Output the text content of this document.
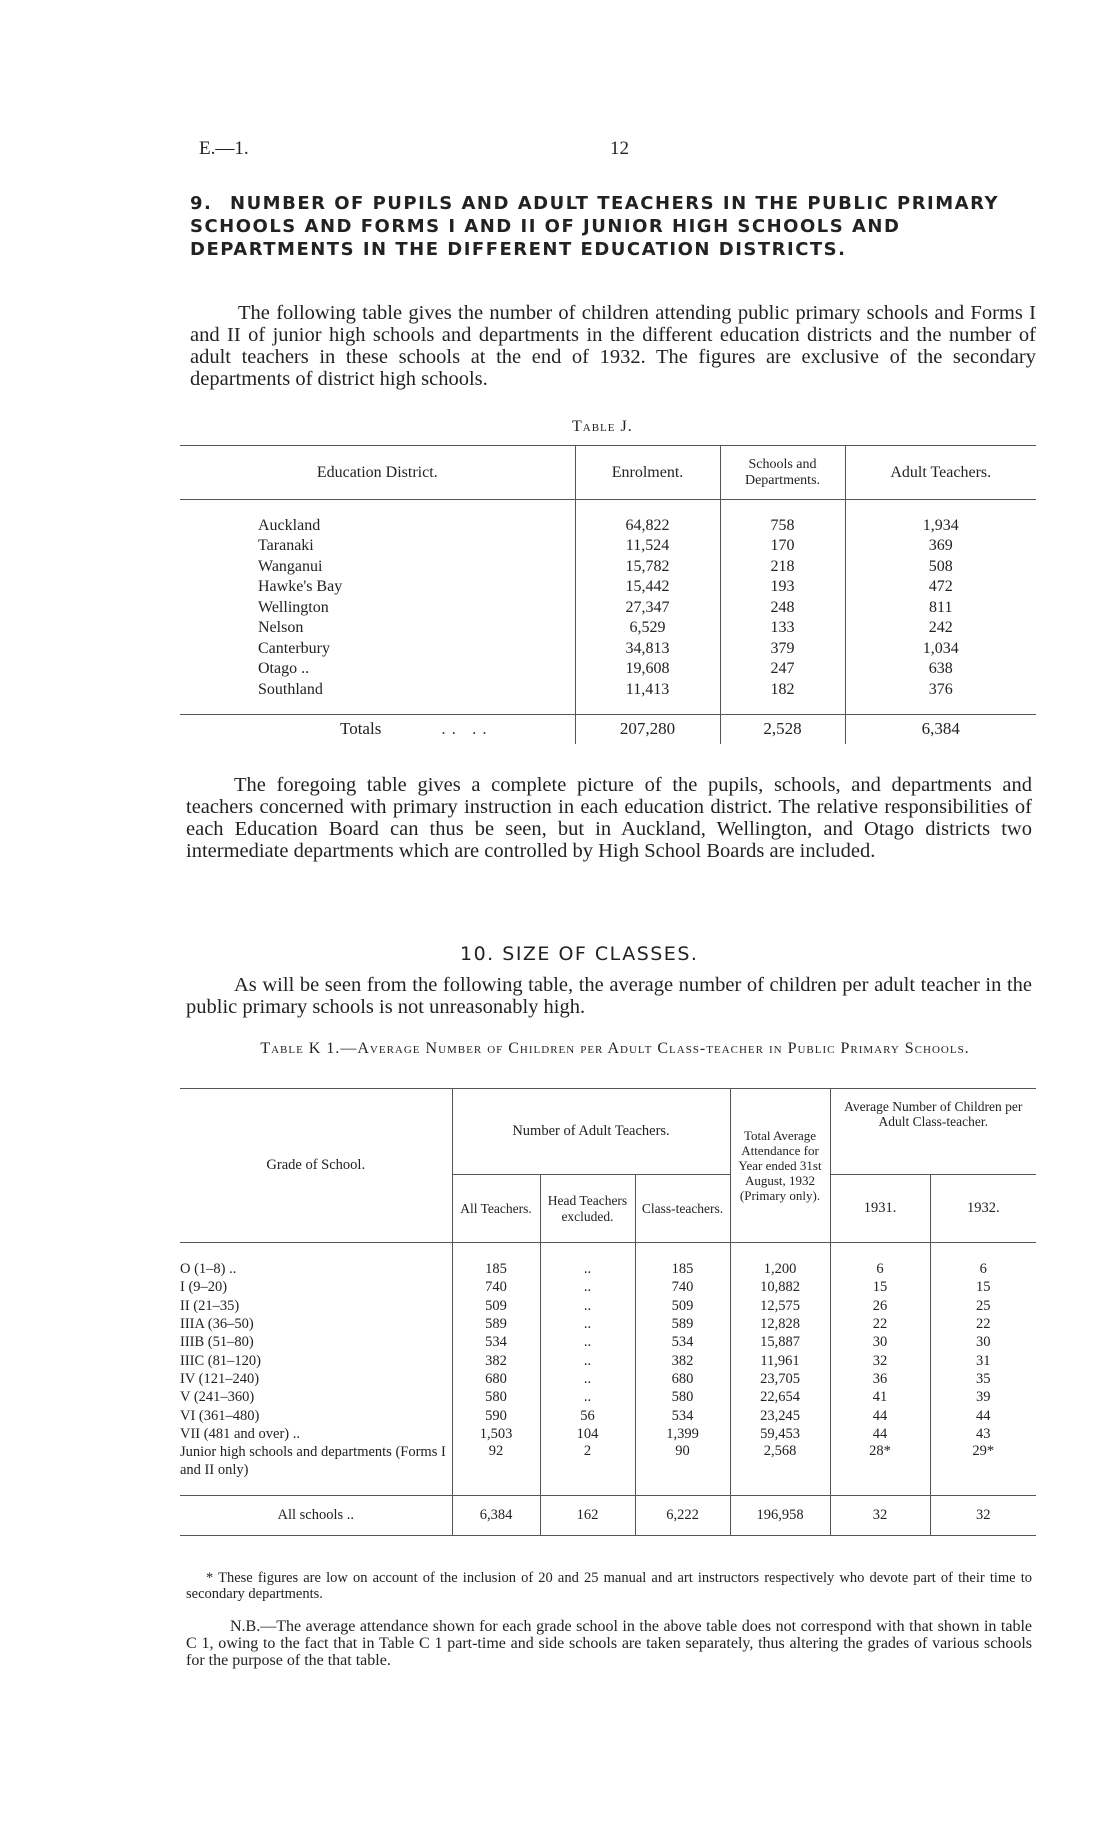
E.—1.	12
9. NUMBER OF PUPILS AND ADULT TEACHERS IN THE PUBLIC PRIMARY SCHOOLS AND FORMS I AND II OF JUNIOR HIGH SCHOOLS AND DEPARTMENTS IN THE DIFFERENT EDUCATION DISTRICTS.
The following table gives the number of children attending public primary schools and Forms I and II of junior high schools and departments in the different education districts and the number of adult teachers in these schools at the end of 1932. The figures are exclusive of the secondary departments of district high schools.
Table J.
Education District.	Enrolment.	Schools and Departments.	Adult Teachers.

Auckland	64,822	758	1,934
Taranaki	11,524	170	369
Wanganui	15,782	218	508
Hawke's Bay	15,442	193	472
Wellington	27,347	248	811
Nelson	6,529	133	242
Canterbury	34,813	379	1,034
Otago ..	19,608	247	638
Southland	11,413	182	376

Totals .. ..	207,280	2,528	6,384
The foregoing table gives a complete picture of the pupils, schools, and departments and teachers concerned with primary instruction in each education district. The relative responsibilities of each Education Board can thus be seen, but in Auckland, Wellington, and Otago districts two intermediate departments which are controlled by High School Boards are included.
10. SIZE OF CLASSES.
As will be seen from the following table, the average number of children per adult teacher in the public primary schools is not unreasonably high.
Table K 1.—Average Number of Children per Adult Class-teacher in Public Primary Schools.
Grade of School.	Number of Adult Teachers.			Total Average Attendance for Year ended 31st August, 1932 (Primary only).	Average Number of Children per Adult Class-teacher.	
	All Teachers.	Head Teachers excluded.	Class-teachers.		1931.	1932.

O (1–8) ..	185	..	185	1,200	6	6
I (9–20)	740	..	740	10,882	15	15
II (21–35)	509	..	509	12,575	26	25
IIIA (36–50)	589	..	589	12,828	22	22
IIIB (51–80)	534	..	534	15,887	30	30
IIIC (81–120)	382	..	382	11,961	32	31
IV (121–240)	680	..	680	23,705	36	35
V (241–360)	580	..	580	22,654	41	39
VI (361–480)	590	56	534	23,245	44	44
VII (481 and over) ..	1,503	104	1,399	59,453	44	43
Junior high schools and departments (Forms I and II only)	92	2	90	2,568	28*	29*

All schools ..	6,384	162	6,222	196,958	32	32
* These figures are low on account of the inclusion of 20 and 25 manual and art instructors respectively who devote part of their time to secondary departments.
N.B.—The average attendance shown for each grade school in the above table does not correspond with that shown in table C 1, owing to the fact that in Table C 1 part-time and side schools are taken separately, thus altering the grades of various schools for the purpose of the that table.
